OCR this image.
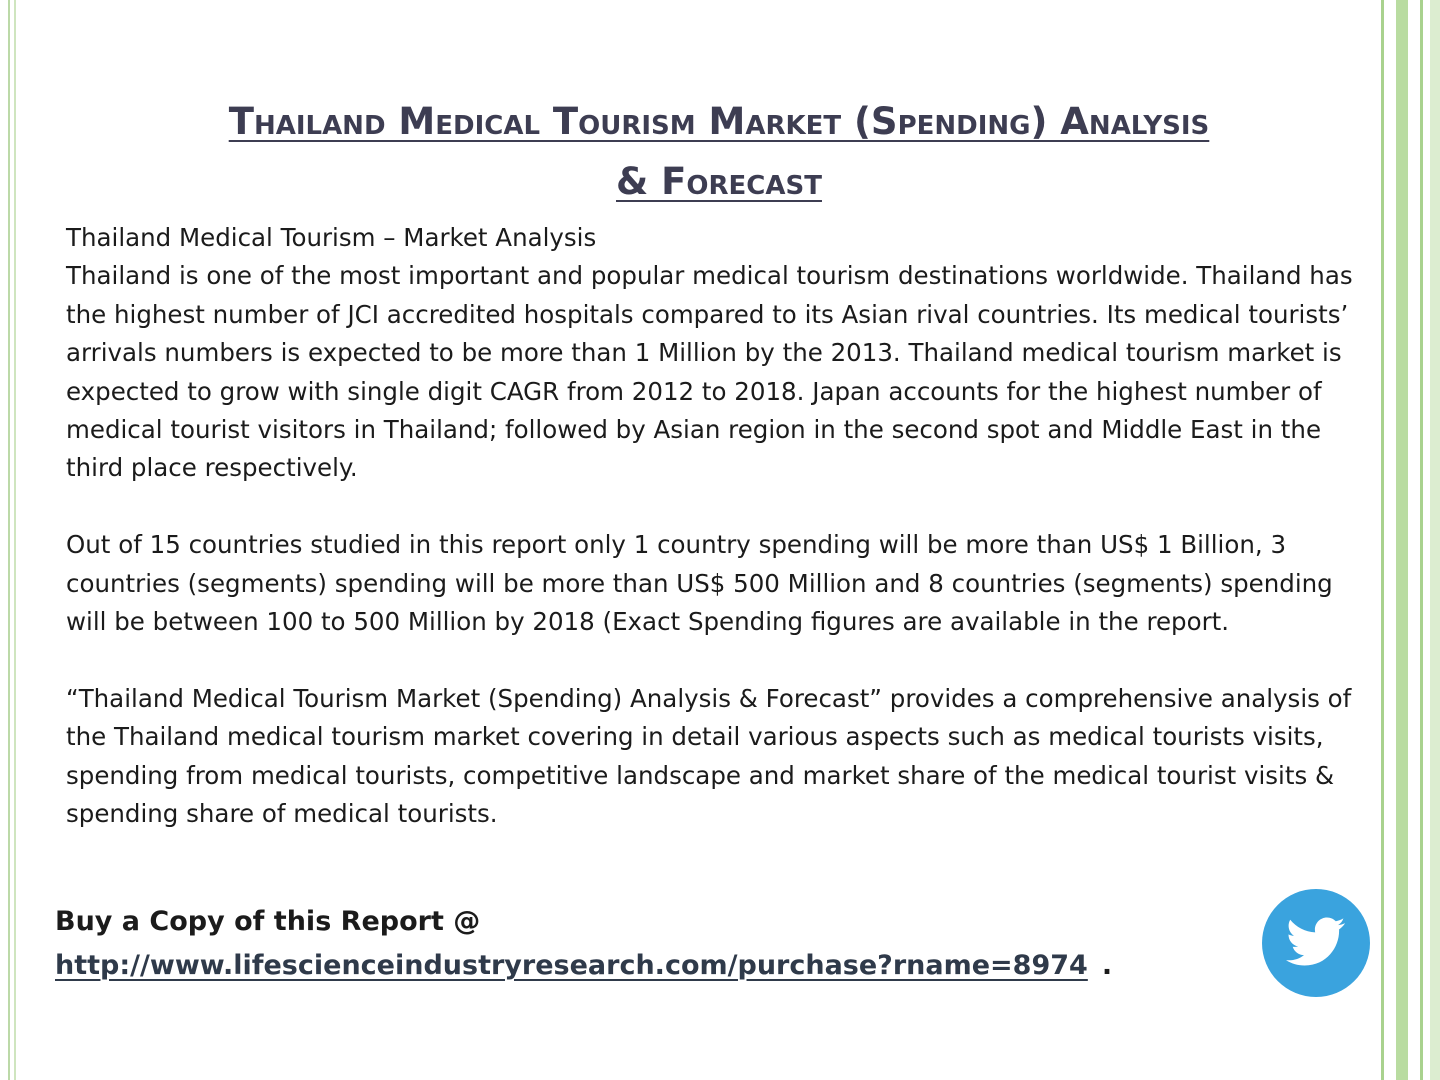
Thailand Medical Tourism Market (Spending) Analysis
& Forecast

Thailand Medical Tourism – Market Analysis

Thailand is one of the most important and popular medical tourism destinations worldwide. Thailand has the highest number of JCI accredited hospitals compared to its Asian rival countries. Its medical tourists’ arrivals numbers is expected to be more than 1 Million by the 2013. Thailand medical tourism market is expected to grow with single digit CAGR from 2012 to 2018. Japan accounts for the highest number of medical tourist visitors in Thailand; followed by Asian region in the second spot and Middle East in the third place respectively.

Out of 15 countries studied in this report only 1 country spending will be more than US$ 1 Billion, 3 countries (segments) spending will be more than US$ 500 Million and 8 countries (segments) spending will be between 100 to 500 Million by 2018 (Exact Spending figures are available in the report.

“Thailand Medical Tourism Market (Spending) Analysis & Forecast” provides a comprehensive analysis of the Thailand medical tourism market covering in detail various aspects such as medical tourists visits, spending from medical tourists, competitive landscape and market share of the medical tourist visits & spending share of medical tourists.

Buy a Copy of this Report @
http://www.lifescienceindustryresearch.com/purchase?rname=8974 .
